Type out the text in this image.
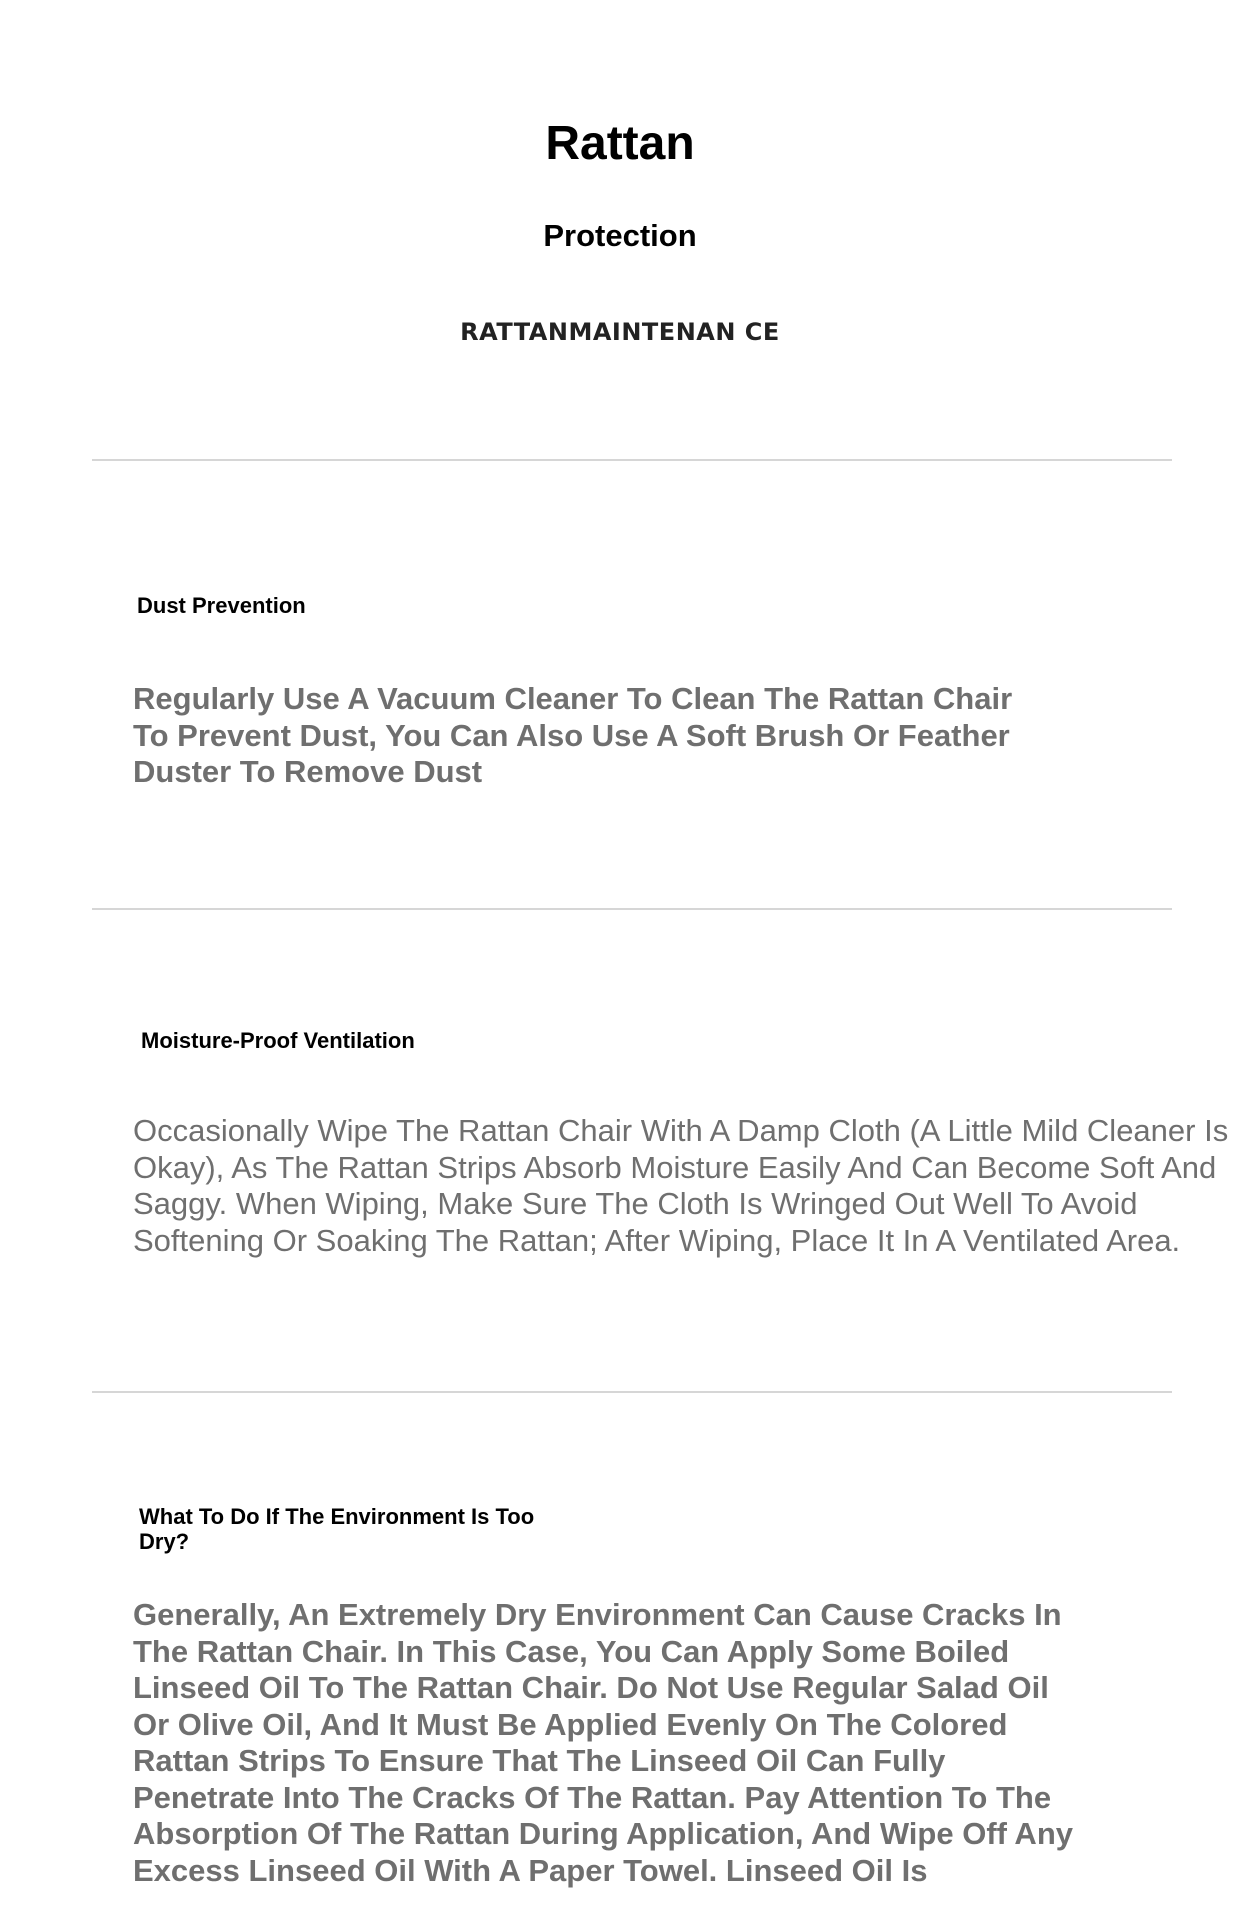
Rattan
Protection
RATTANMAINTENAN CE
Dust Prevention

Regularly Use A Vacuum Cleaner To Clean The Rattan Chair To Prevent Dust, You Can Also Use A Soft Brush Or Feather Duster To Remove Dust

Moisture-Proof Ventilation

Occasionally Wipe The Rattan Chair With A Damp Cloth (A Little Mild Cleaner Is Okay), As The Rattan Strips Absorb Moisture Easily And Can Become Soft And Saggy. When Wiping, Make Sure The Cloth Is Wringed Out Well To Avoid Softening Or Soaking The Rattan; After Wiping, Place It In A Ventilated Area.

What To Do If The Environment Is Too Dry?

Generally, An Extremely Dry Environment Can Cause Cracks In The Rattan Chair. In This Case, You Can Apply Some Boiled Linseed Oil To The Rattan Chair. Do Not Use Regular Salad Oil Or Olive Oil, And It Must Be Applied Evenly On The Colored Rattan Strips To Ensure That The Linseed Oil Can Fully Penetrate Into The Cracks Of The Rattan. Pay Attention To The Absorption Of The Rattan During Application, And Wipe Off Any Excess Linseed Oil With A Paper Towel. Linseed Oil Is
